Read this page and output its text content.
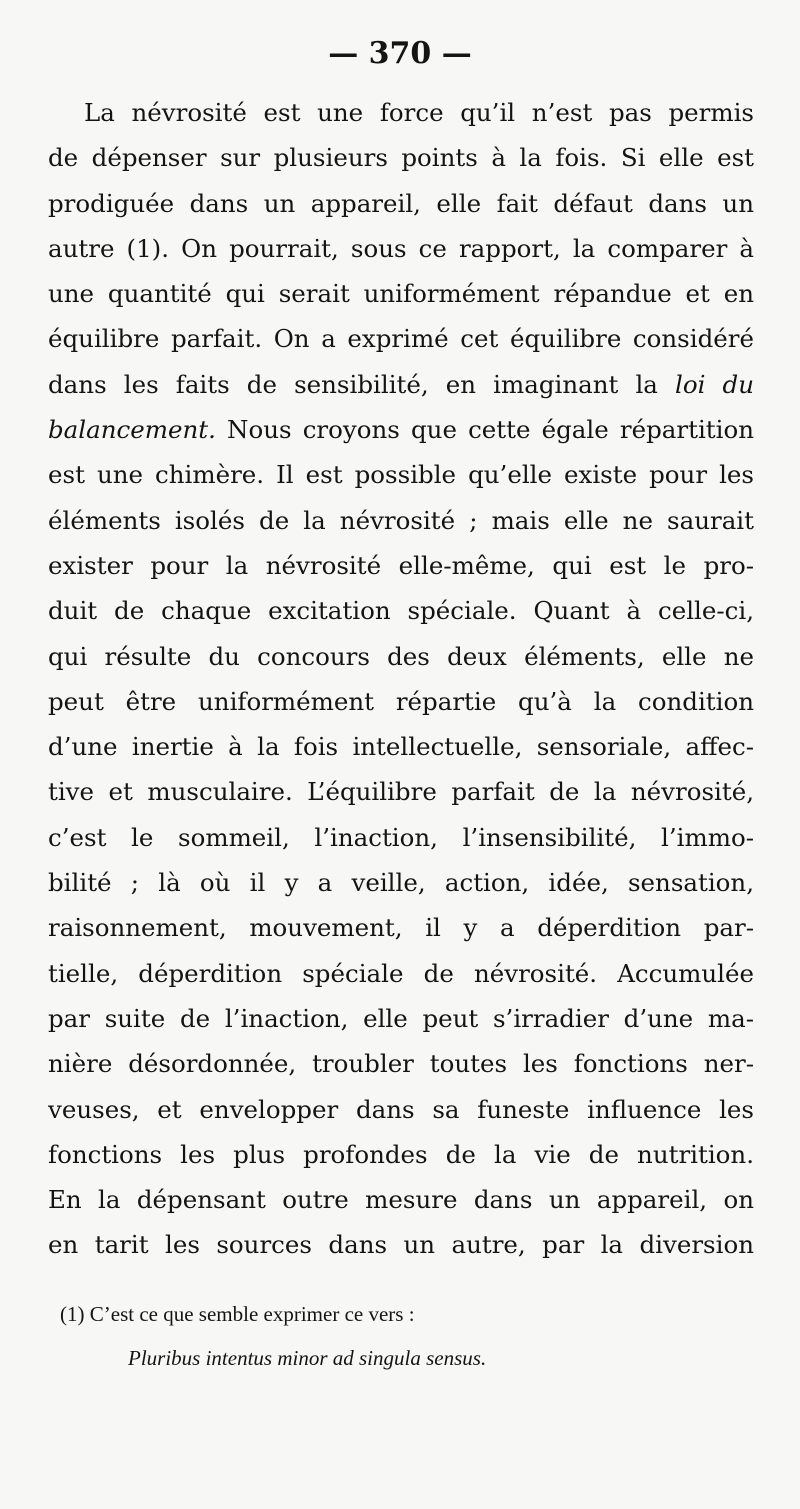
— 370 —
La névrosité est une force qu’il n’est pas permis
de dépenser sur plusieurs points à la fois. Si elle est
prodiguée dans un appareil, elle fait défaut dans un
autre (1). On pourrait, sous ce rapport, la comparer à
une quantité qui serait uniformément répandue et en
équilibre parfait. On a exprimé cet équilibre considéré
dans les faits de sensibilité, en imaginant la loi du
balancement. Nous croyons que cette égale répartition
est une chimère. Il est possible qu’elle existe pour les
éléments isolés de la névrosité ; mais elle ne saurait
exister pour la névrosité elle-même, qui est le pro-
duit de chaque excitation spéciale. Quant à celle-ci,
qui résulte du concours des deux éléments, elle ne
peut être uniformément répartie qu’à la condition
d’une inertie à la fois intellectuelle, sensoriale, affec-
tive et musculaire. L’équilibre parfait de la névrosité,
c’est le sommeil, l’inaction, l’insensibilité, l’immo-
bilité ; là où il y a veille, action, idée, sensation,
raisonnement, mouvement, il y a déperdition par-
tielle, déperdition spéciale de névrosité. Accumulée
par suite de l’inaction, elle peut s’irradier d’une ma-
nière désordonnée, troubler toutes les fonctions ner-
veuses, et envelopper dans sa funeste influence les
fonctions les plus profondes de la vie de nutrition.
En la dépensant outre mesure dans un appareil, on
en tarit les sources dans un autre, par la diversion
(1) C’est ce que semble exprimer ce vers :
Pluribus intentus minor ad singula sensus.
